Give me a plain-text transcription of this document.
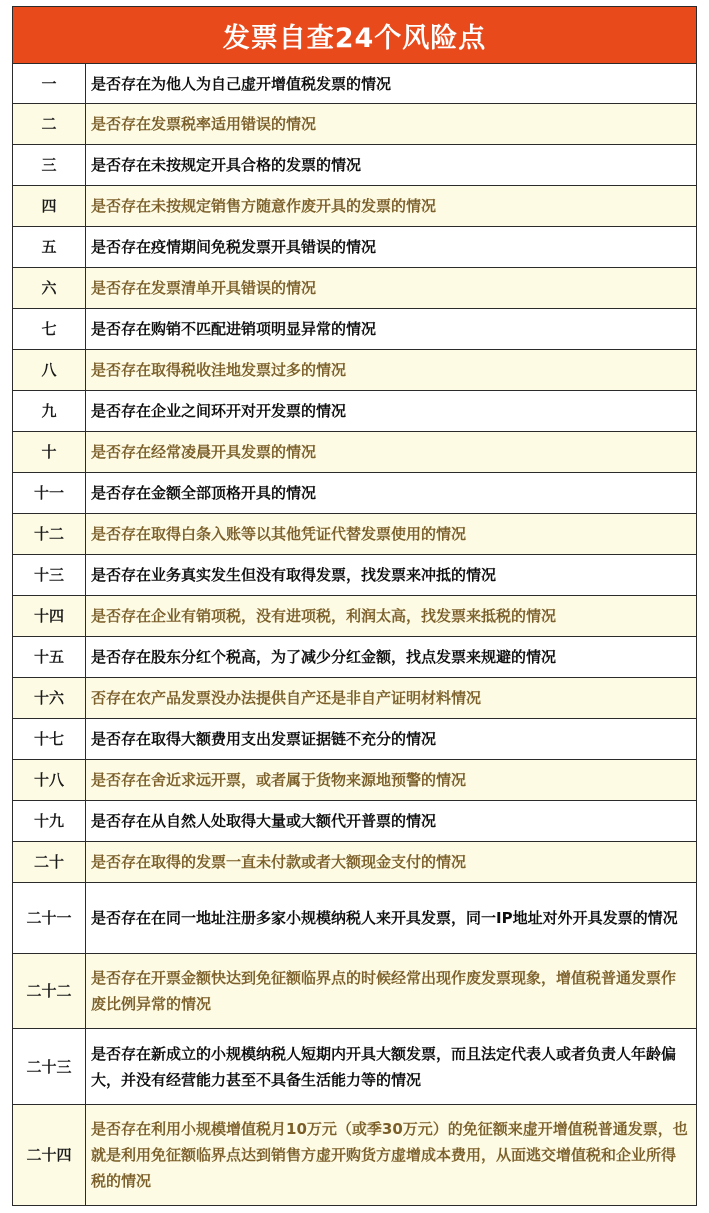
发票自查24个风险点
一	是否存在为他人为自己虚开增值税发票的情况
二	是否存在发票税率适用错误的情况
三	是否存在未按规定开具合格的发票的情况
四	是否存在未按规定销售方随意作废开具的发票的情况
五	是否存在疫情期间免税发票开具错误的情况
六	是否存在发票清单开具错误的情况
七	是否存在购销不匹配进销项明显异常的情况
八	是否存在取得税收洼地发票过多的情况
九	是否存在企业之间环开对开发票的情况
十	是否存在经常凌晨开具发票的情况
十一	是否存在金额全部顶格开具的情况
十二	是否存在取得白条入账等以其他凭证代替发票使用的情况
十三	是否存在业务真实发生但没有取得发票，找发票来冲抵的情况
十四	是否存在企业有销项税，没有进项税，利润太高，找发票来抵税的情况
十五	是否存在股东分红个税高，为了减少分红金额，找点发票来规避的情况
十六	否存在农产品发票没办法提供自产还是非自产证明材料情况
十七	是否存在取得大额费用支出发票证据链不充分的情况
十八	是否存在舍近求远开票，或者属于货物来源地预警的情况
十九	是否存在从自然人处取得大量或大额代开普票的情况
二十	是否存在取得的发票一直未付款或者大额现金支付的情况
二十一	是否存在在同一地址注册多家小规模纳税人来开具发票，同一IP地址对外开具发票的情况
二十二	是否存在开票金额快达到免征额临界点的时候经常出现作废发票现象，增值税普通发票作废比例异常的情况
二十三	是否存在新成立的小规模纳税人短期内开具大额发票，而且法定代表人或者负责人年龄偏大，并没有经营能力甚至不具备生活能力等的情况
二十四	是否存在利用小规模增值税月10万元（或季30万元）的免征额来虚开增值税普通发票，也就是利用免征额临界点达到销售方虚开购货方虚增成本费用，从面逃交增值税和企业所得税的情况
